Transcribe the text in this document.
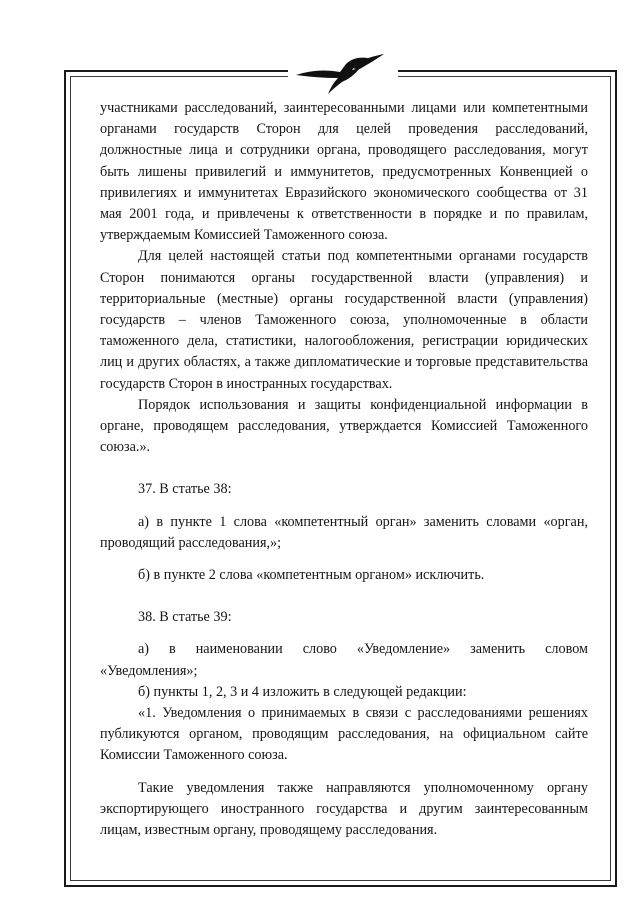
участниками расследований, заинтересованными лицами или компетентными органами государств Сторон для целей проведения расследований, должностные лица и сотрудники органа, проводящего расследования, могут быть лишены привилегий и иммунитетов, предусмотренных Конвенцией о привилегиях и иммунитетах Евразийского экономического сообщества от 31 мая 2001 года, и привлечены к ответственности в порядке и по правилам, утверждаемым Комиссией Таможенного союза.

Для целей настоящей статьи под компетентными органами государств Сторон понимаются органы государственной власти (управления) и территориальные (местные) органы государственной власти (управления) государств – членов Таможенного союза, уполномоченные в области таможенного дела, статистики, налогообложения, регистрации юридических лиц и других областях, а также дипломатические и торговые представительства государств Сторон в иностранных государствах.

Порядок использования и защиты конфиденциальной информации в органе, проводящем расследования, утверждается Комиссией Таможенного союза.».

37. В статье 38:

а) в пункте 1 слова «компетентный орган» заменить словами «орган, проводящий расследования,»;

б) в пункте 2 слова «компетентным органом» исключить.

38. В статье 39:

а) в наименовании слово «Уведомление» заменить словом «Уведомления»;

б) пункты 1, 2, 3 и 4 изложить в следующей редакции:

«1. Уведомления о принимаемых в связи с расследованиями решениях публикуются органом, проводящим расследования, на официальном сайте Комиссии Таможенного союза.

Такие уведомления также направляются уполномоченному органу экспортирующего иностранного государства и другим заинтересованным лицам, известным органу, проводящему расследования.
